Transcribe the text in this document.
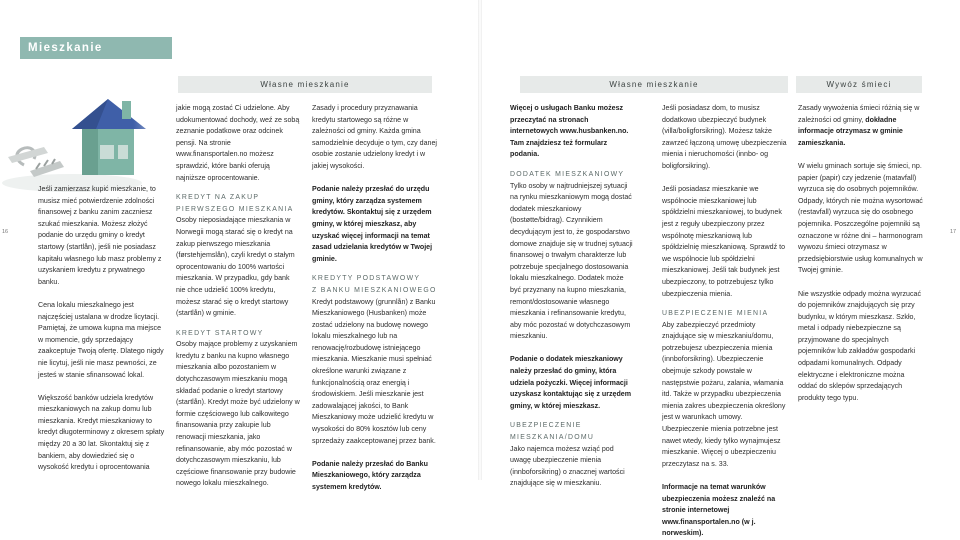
Mieszkanie
Własne mieszkanie
16

Jeśli zamierzasz kupić mieszkanie, to musisz mieć potwierdzenie zdolności finansowej z banku zanim zaczniesz szukać mieszkania. Możesz złożyć podanie do urzędu gminy o kredyt startowy (startlån), jeśli nie posiadasz kapitału własnego lub masz problemy z uzyskaniem kredytu z prywatnego banku.

Cena lokalu mieszkalnego jest najczęściej ustalana w drodze licytacji. Pamiętaj, że umowa kupna ma miejsce w momencie, gdy sprzedający zaakceptuje Twoją ofertę. Dlatego nigdy nie licytuj, jeśli nie masz pewności, ze jesteś w stanie sfinansować lokal.

Większość banków udziela kredytów mieszkaniowych na zakup domu lub mieszkania. Kredyt mieszkaniowy to kredyt długoterminowy z okresem spłaty między 20 a 30 lat. Skontaktuj się z bankiem, aby dowiedzieć się o wysokość kredytu i oprocentowania

jakie mogą zostać Ci udzielone. Aby udokumentować dochody, weź ze sobą zeznanie podatkowe oraz odcinek pensji. Na stronie www.finansportalen.no możesz sprawdzić, które banki oferują najniższe oprocentowanie.

KREDYT NA ZAKUP
PIERWSZEGO MIESZKANIA

Osoby nieposiadające mieszkania w Norwegii mogą starać się o kredyt na zakup pierwszego mieszkania (førstehjemslån), czyli kredyt o stałym oprocentowaniu do 100% wartości mieszkania. W przypadku, gdy bank nie chce udzielić 100% kredytu, możesz starać się o kredyt startowy (startlån) w gminie.

KREDYT STARTOWY

Osoby mające problemy z uzyskaniem kredytu z banku na kupno własnego mieszkania albo pozostaniem w dotychczasowym mieszkaniu mogą składać podanie o kredyt startowy (startlån). Kredyt może być udzielony w formie częściowego lub całkowitego finansowania przy zakupie lub renowacji mieszkania, jako refinansowanie, aby móc pozostać w dotychczasowym mieszkaniu, lub częściowe finansowanie przy budowie nowego lokalu mieszkalnego.

Zasady i procedury przyznawania kredytu startowego są różne w zależności od gminy. Każda gmina samodzielnie decyduje o tym, czy danej osobie zostanie udzielony kredyt i w jakiej wysokości.

Podanie należy przesłać do urzędu gminy, który zarządza systemem kredytów. Skontaktuj się z urzędem gminy, w której mieszkasz, aby uzyskać więcej informacji na temat zasad udzielania kredytów w Twojej gminie.

KREDYTY PODSTAWOWY
Z BANKU MIESZKANIOWEGO

Kredyt podstawowy (grunnlån) z Banku Mieszkaniowego (Husbanken) może zostać udzielony na budowę nowego lokalu mieszkalnego lub na renowację/rozbudowę istniejącego mieszkania. Mieszkanie musi spełniać określone warunki związane z funkcjonalnością oraz energią i środowiskiem. Jeśli mieszkanie jest zadowalającej jakości, to Bank Mieszkaniowy może udzielić kredytu w wysokości do 80% kosztów lub ceny sprzedaży zaakceptowanej przez bank.

Podanie należy przesłać do Banku Mieszkaniowego, który zarządza systemem kredytów.

Własne mieszkanie	Wywóz śmieci
17

Więcej o usługach Banku możesz przeczytać na stronach internetowych www.husbanken.no. Tam znajdziesz też formularz podania.

DODATEK MIESZKANIOWY

Tylko osoby w najtrudniejszej sytuacji na rynku mieszkaniowym mogą dostać dodatek mieszkaniowy (bostøtte/bidrag). Czynnikiem decydującym jest to, że gospodarstwo domowe znajduje się w trudnej sytuacji finansowej o trwałym charakterze lub potrzebuje specjalnego dostosowania lokalu mieszkalnego. Dodatek może być przyznany na kupno mieszkania, remont/dostosowanie własnego mieszkania i refinansowanie kredytu, aby móc pozostać w dotychczasowym mieszkaniu.

Podanie o dodatek mieszkaniowy należy przesłać do gminy, która udziela pożyczki. Więcej informacji uzyskasz kontaktując się z urzędem gminy, w której mieszkasz.

UBEZPIECZENIE
MIESZKANIA/DOMU

Jako najemca możesz wziąć pod uwagę ubezpieczenie mienia (innboforsikring) o znacznej wartości znajdujące się w mieszkaniu.

Jeśli posiadasz dom, to musisz dodatkowo ubezpieczyć budynek (villa/boligforsikring). Możesz także zawrzeć łączoną umowę ubezpieczenia mienia i nieruchomości (innbo- og boligforsikring).

Jeśli posiadasz mieszkanie we wspólnocie mieszkaniowej lub spółdzielni mieszkaniowej, to budynek jest z reguły ubezpieczony przez wspólnotę mieszkaniową lub spółdzielnię mieszkaniową. Sprawdź to we wspólnocie lub spółdzielni mieszkaniowej. Jeśli tak budynek jest ubezpieczony, to potrzebujesz tylko ubezpieczenia mienia.

UBEZPIECZENIE MIENIA

Aby zabezpieczyć przedmioty znajdujące się w mieszkaniu/domu, potrzebujesz ubezpieczenia mienia (innboforsikring). Ubezpieczenie obejmuje szkody powstałe w następstwie pożaru, zalania, włamania itd. Także w przypadku ubezpieczenia mienia zakres ubezpieczenia określony jest w warunkach umowy. Ubezpieczenie mienia potrzebne jest nawet wtedy, kiedy tylko wynajmujesz mieszkanie. Więcej o ubezpieczeniu przeczytasz na s. 33.

Informacje na temat warunków ubezpieczenia możesz znaleźć na stronie internetowej www.finansportalen.no (w j. norweskim).

Zasady wywożenia śmieci różnią się w zależności od gminy, dokładne informacje otrzymasz w gminie zamieszkania.

W wielu gminach sortuje się śmieci, np. papier (papir) czy jedzenie (matavfall) wyrzuca się do osobnych pojemników. Odpady, których nie można wysortować (restavfall) wyrzuca się do osobnego pojemnika. Poszczególne pojemniki są oznaczone w różne dni – harmonogram wywozu śmieci otrzymasz w przedsiębiorstwie usług komunalnych w Twojej gminie.

Nie wszystkie odpady można wyrzucać do pojemników znajdujących się przy budynku, w którym mieszkasz. Szkło, metal i odpady niebezpieczne są przyjmowane do specjalnych pojemników lub zakładów gospodarki odpadami komunalnych. Odpady elektryczne i elektroniczne można oddać do sklepów sprzedających produkty tego typu.
